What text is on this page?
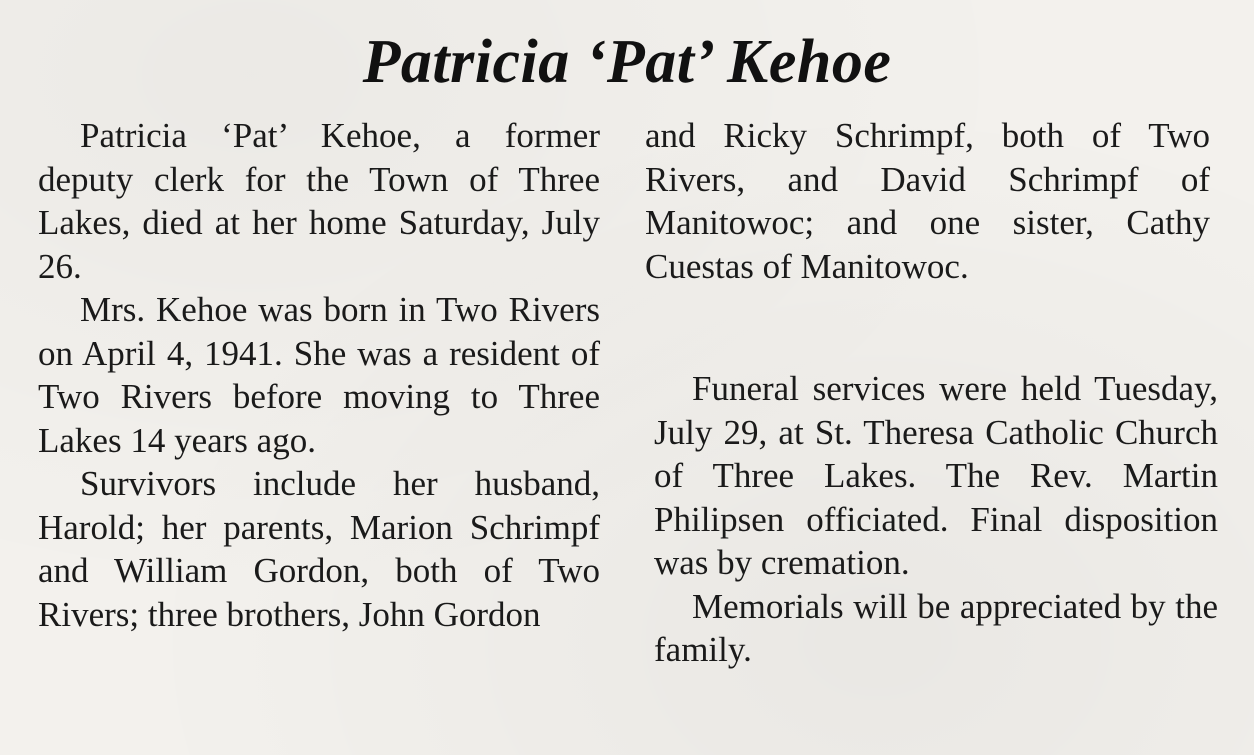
Patricia ‘Pat’ Kehoe

Patricia ‘Pat’ Kehoe, a former deputy clerk for the Town of Three Lakes, died at her home Saturday, July 26.

Mrs. Kehoe was born in Two Rivers on April 4, 1941. She was a resident of Two Rivers before moving to Three Lakes 14 years ago.

Survivors include her husband, Harold; her parents, Marion Schrimpf and William Gordon, both of Two Rivers; three brothers, John Gordon

and Ricky Schrimpf, both of Two Rivers, and David Schrimpf of Manitowoc; and one sister, Cathy Cuestas of Manitowoc.

Funeral services were held Tuesday, July 29, at St. Theresa Catholic Church of Three Lakes. The Rev. Martin Philipsen officiated. Final disposition was by cremation.

Memorials will be appreciated by the family.
